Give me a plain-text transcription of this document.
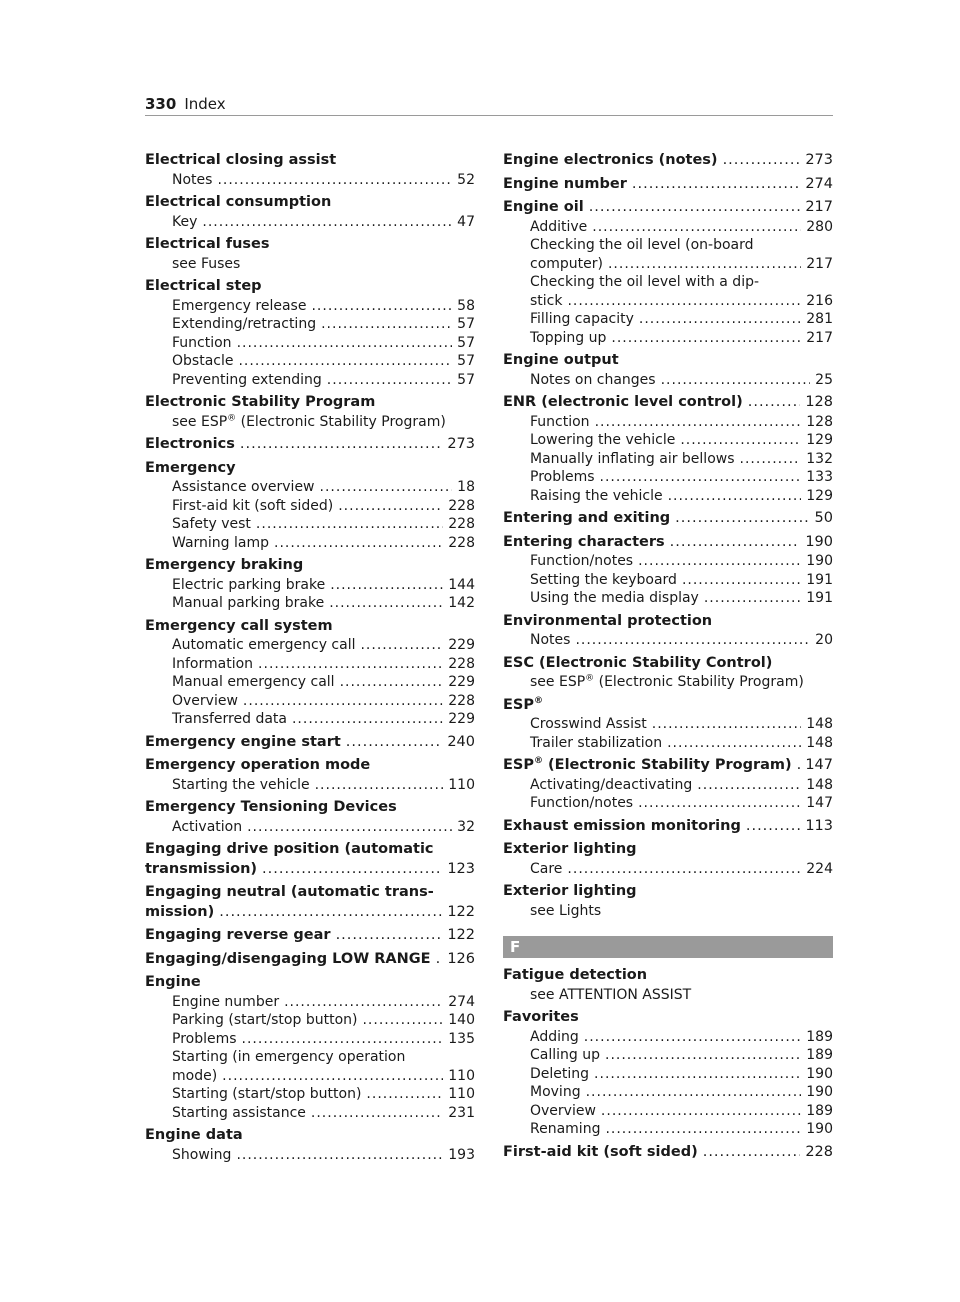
330 Index
Electrical closing assist
Notes .....	52
Electrical consumption
Key .....	47
Electrical fuses
see Fuses
Electrical step
Emergency release .....	58
Extending/retracting .....	57
Function .....	57
Obstacle .....	57
Preventing extending .....	57
Electronic Stability Program
see ESP® (Electronic Stability Program)
Electronics .....	273
Emergency
Assistance overview .....	18
First-aid kit (soft sided) .....	228
Safety vest .....	228
Warning lamp .....	228
Emergency braking
Electric parking brake .....	144
Manual parking brake .....	142
Emergency call system
Automatic emergency call .....	229
Information .....	228
Manual emergency call .....	229
Overview .....	228
Transferred data .....	229
Emergency engine start .....	240
Emergency operation mode
Starting the vehicle .....	110
Emergency Tensioning Devices
Activation .....	32
Engaging drive position (automatic
transmission) .....	123
Engaging neutral (automatic trans-
mission) .....	122
Engaging reverse gear .....	122
Engaging/disengaging LOW RANGE ..... 126
Engine
Engine number .....	274
Parking (start/stop button) .....	140
Problems .....	135
Starting (in emergency operation
mode) .....	110
Starting (start/stop button) .....	110
Starting assistance .....	231
Engine data
Showing .....	193
Engine electronics (notes) .....	273
Engine number .....	274
Engine oil .....	217
Additive .....	280
Checking the oil level (on-board
computer) .....	217
Checking the oil level with a dip-
stick .....	216
Filling capacity .....	281
Topping up .....	217
Engine output
Notes on changes .....	25
ENR (electronic level control) .....	128
Function .....	128
Lowering the vehicle .....	129
Manually inflating air bellows .....	132
Problems .....	133
Raising the vehicle .....	129
Entering and exiting .....	50
Entering characters .....	190
Function/notes .....	190
Setting the keyboard .....	191
Using the media display .....	191
Environmental protection
Notes .....	20
ESC (Electronic Stability Control)
see ESP® (Electronic Stability Program)
ESP®
Crosswind Assist .....	148
Trailer stabilization .....	148
ESP® (Electronic Stability Program) ..... 147
Activating/deactivating .....	148
Function/notes .....	147
Exhaust emission monitoring .....	113
Exterior lighting
Care .....	224
Exterior lighting
see Lights
F
Fatigue detection
see ATTENTION ASSIST
Favorites
Adding .....	189
Calling up .....	189
Deleting .....	190
Moving .....	190
Overview .....	189
Renaming .....	190
First-aid kit (soft sided) .....	228
